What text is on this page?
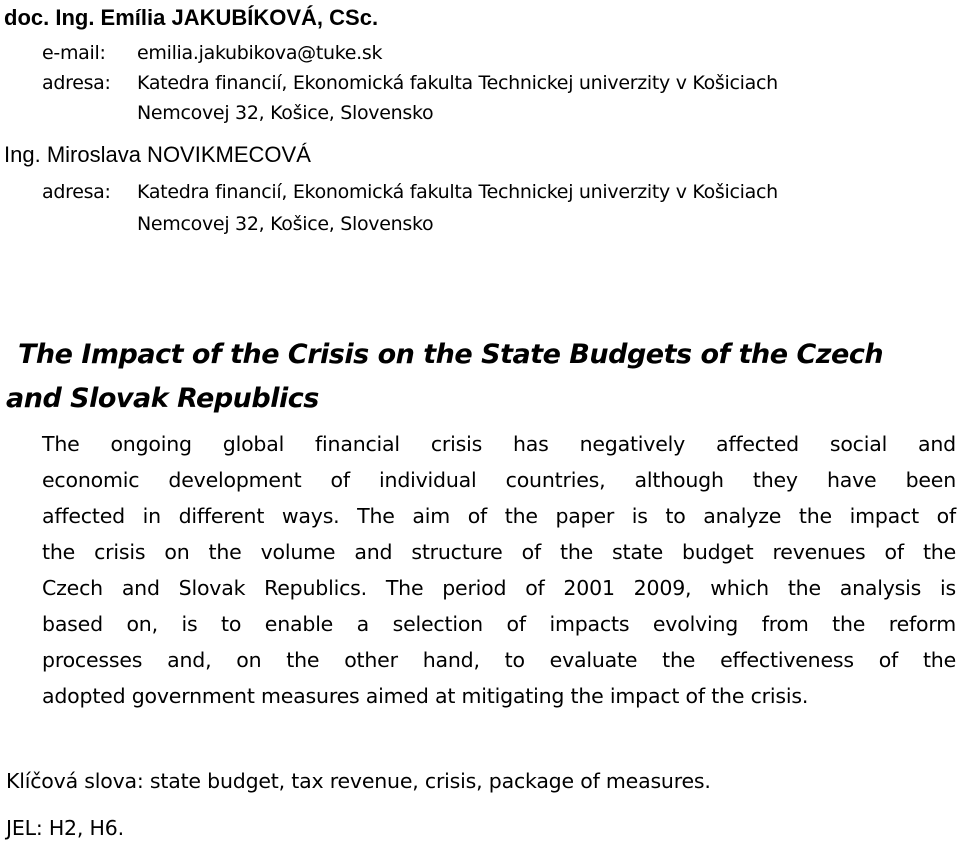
doc. Ing. Emília JAKUBÍKOVÁ, CSc.
e-mail: emilia.jakubikova@tuke.sk
adresa: Katedra financií, Ekonomická fakulta Technickej univerzity v Košiciach
Nemcovej 32, Košice, Slovensko
Ing. Miroslava NOVIKMECOVÁ
adresa: Katedra financií, Ekonomická fakulta Technickej univerzity v Košiciach
Nemcovej 32, Košice, Slovensko
The Impact of the Crisis on the State Budgets of the Czech
and Slovak Republics
The ongoing global financial crisis has negatively affected social and
economic development of individual countries, although they have been
affected in different ways. The aim of the paper is to analyze the impact of
the crisis on the volume and structure of the state budget revenues of the
Czech and Slovak Republics. The period of 2001 2009, which the analysis is
based on, is to enable a selection of impacts evolving from the reform
processes and, on the other hand, to evaluate the effectiveness of the
adopted government measures aimed at mitigating the impact of the crisis.
Klíčová slova: state budget, tax revenue, crisis, package of measures.
JEL: H2, H6.
